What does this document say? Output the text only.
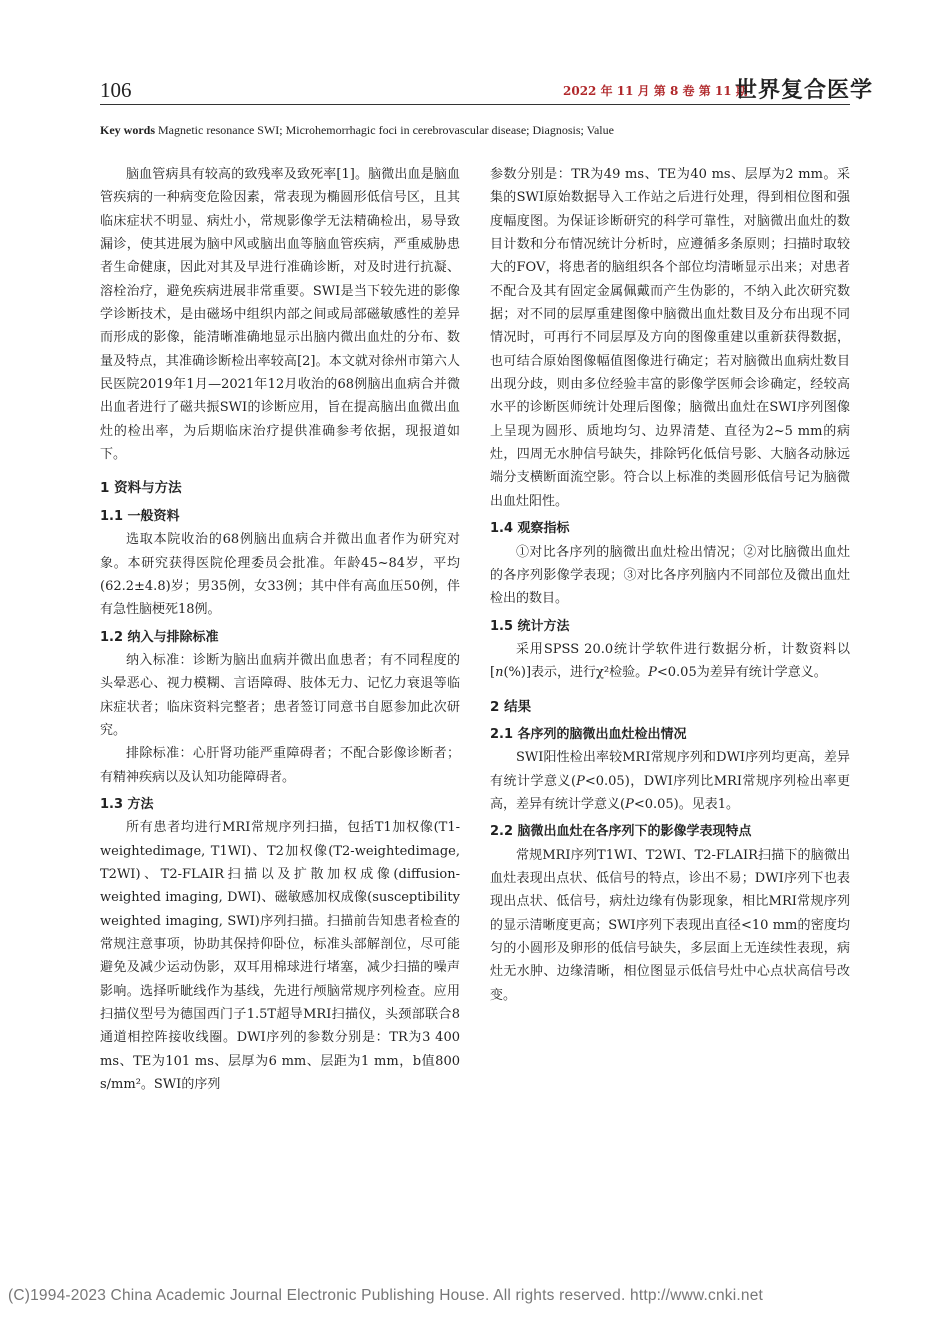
106	2022 年 11 月 第 8 卷 第 11 期
世界复合医学
Key words Magnetic resonance SWI; Microhemorrhagic foci in cerebrovascular disease; Diagnosis; Value

脑血管病具有较高的致残率及致死率[1]。脑微出血是脑血管疾病的一种病变危险因素，常表现为椭圆形低信号区，且其临床症状不明显、病灶小，常规影像学无法精确检出，易导致漏诊，使其进展为脑中风或脑出血等脑血管疾病，严重威胁患者生命健康，因此对其及早进行准确诊断，对及时进行抗凝、溶栓治疗，避免疾病进展非常重要。SWI是当下较先进的影像学诊断技术，是由磁场中组织内部之间或局部磁敏感性的差异而形成的影像，能清晰准确地显示出脑内微出血灶的分布、数量及特点，其准确诊断检出率较高[2]。本文就对徐州市第六人民医院2019年1月—2021年12月收治的68例脑出血病合并微出血者进行了磁共振SWI的诊断应用，旨在提高脑出血微出血灶的检出率，为后期临床治疗提供准确参考依据，现报道如下。

1 资料与方法
1.1 一般资料

选取本院收治的68例脑出血病合并微出血者作为研究对象。本研究获得医院伦理委员会批准。年龄45~84岁，平均(62.2±4.8)岁；男35例，女33例；其中伴有高血压50例，伴有急性脑梗死18例。

1.2 纳入与排除标准

纳入标准：诊断为脑出血病并微出血患者；有不同程度的头晕恶心、视力模糊、言语障碍、肢体无力、记忆力衰退等临床症状者；临床资料完整者；患者签订同意书自愿参加此次研究。

排除标准：心肝肾功能严重障碍者；不配合影像诊断者；有精神疾病以及认知功能障碍者。

1.3 方法

所有患者均进行MRI常规序列扫描，包括T1加权像(T1-weightedimage, T1WI)、T2加权像(T2-weightedimage, T2WI)、T2-FLAIR扫描以及扩散加权成像(diffusion-weighted imaging, DWI)、磁敏感加权成像(susceptibility weighted imaging, SWI)序列扫描。扫描前告知患者检查的常规注意事项，协助其保持仰卧位，标准头部解剖位，尽可能避免及减少运动伪影，双耳用棉球进行堵塞，减少扫描的噪声影响。选择听眦线作为基线，先进行颅脑常规序列检查。应用扫描仪型号为德国西门子1.5T超导MRI扫描仪，头颈部联合8通道相控阵接收线圈。DWI序列的参数分别是：TR为3 400 ms、TE为101 ms、层厚为6 mm、层距为1 mm，b值800 s/mm²。SWI的序列

参数分别是：TR为49 ms、TE为40 ms、层厚为2 mm。采集的SWI原始数据导入工作站之后进行处理，得到相位图和强度幅度图。为保证诊断研究的科学可靠性，对脑微出血灶的数目计数和分布情况统计分析时，应遵循多条原则；扫描时取较大的FOV，将患者的脑组织各个部位均清晰显示出来；对患者不配合及其有固定金属佩戴而产生伪影的，不纳入此次研究数据；对不同的层厚重建图像中脑微出血灶数目及分布出现不同情况时，可再行不同层厚及方向的图像重建以重新获得数据，也可结合原始图像幅值图像进行确定；若对脑微出血病灶数目出现分歧，则由多位经验丰富的影像学医师会诊确定，经较高水平的诊断医师统计处理后图像；脑微出血灶在SWI序列图像上呈现为圆形、质地均匀、边界清楚、直径为2~5 mm的病灶，四周无水肿信号缺失，排除钙化低信号影、大脑各动脉远端分支横断面流空影。符合以上标准的类圆形低信号记为脑微出血灶阳性。

1.4 观察指标

①对比各序列的脑微出血灶检出情况；②对比脑微出血灶的各序列影像学表现；③对比各序列脑内不同部位及微出血灶检出的数目。

1.5 统计方法

采用SPSS 20.0统计学软件进行数据分析，计数资料以[n(%)]表示，进行χ²检验。P<0.05为差异有统计学意义。

2 结果
2.1 各序列的脑微出血灶检出情况

SWI阳性检出率较MRI常规序列和DWI序列均更高，差异有统计学意义(P<0.05)，DWI序列比MRI常规序列检出率更高，差异有统计学意义(P<0.05)。见表1。

2.2 脑微出血灶在各序列下的影像学表现特点

常规MRI序列T1WI、T2WI、T2-FLAIR扫描下的脑微出血灶表现出点状、低信号的特点，诊出不易；DWI序列下也表现出点状、低信号，病灶边缘有伪影现象，相比MRI常规序列的显示清晰度更高；SWI序列下表现出直径<10 mm的密度均匀的小圆形及卵形的低信号缺失，多层面上无连续性表现，病灶无水肿、边缘清晰，相位图显示低信号灶中心点状高信号改变。

(C)1994-2023 China Academic Journal Electronic Publishing House. All rights reserved. http://www.cnki.net
